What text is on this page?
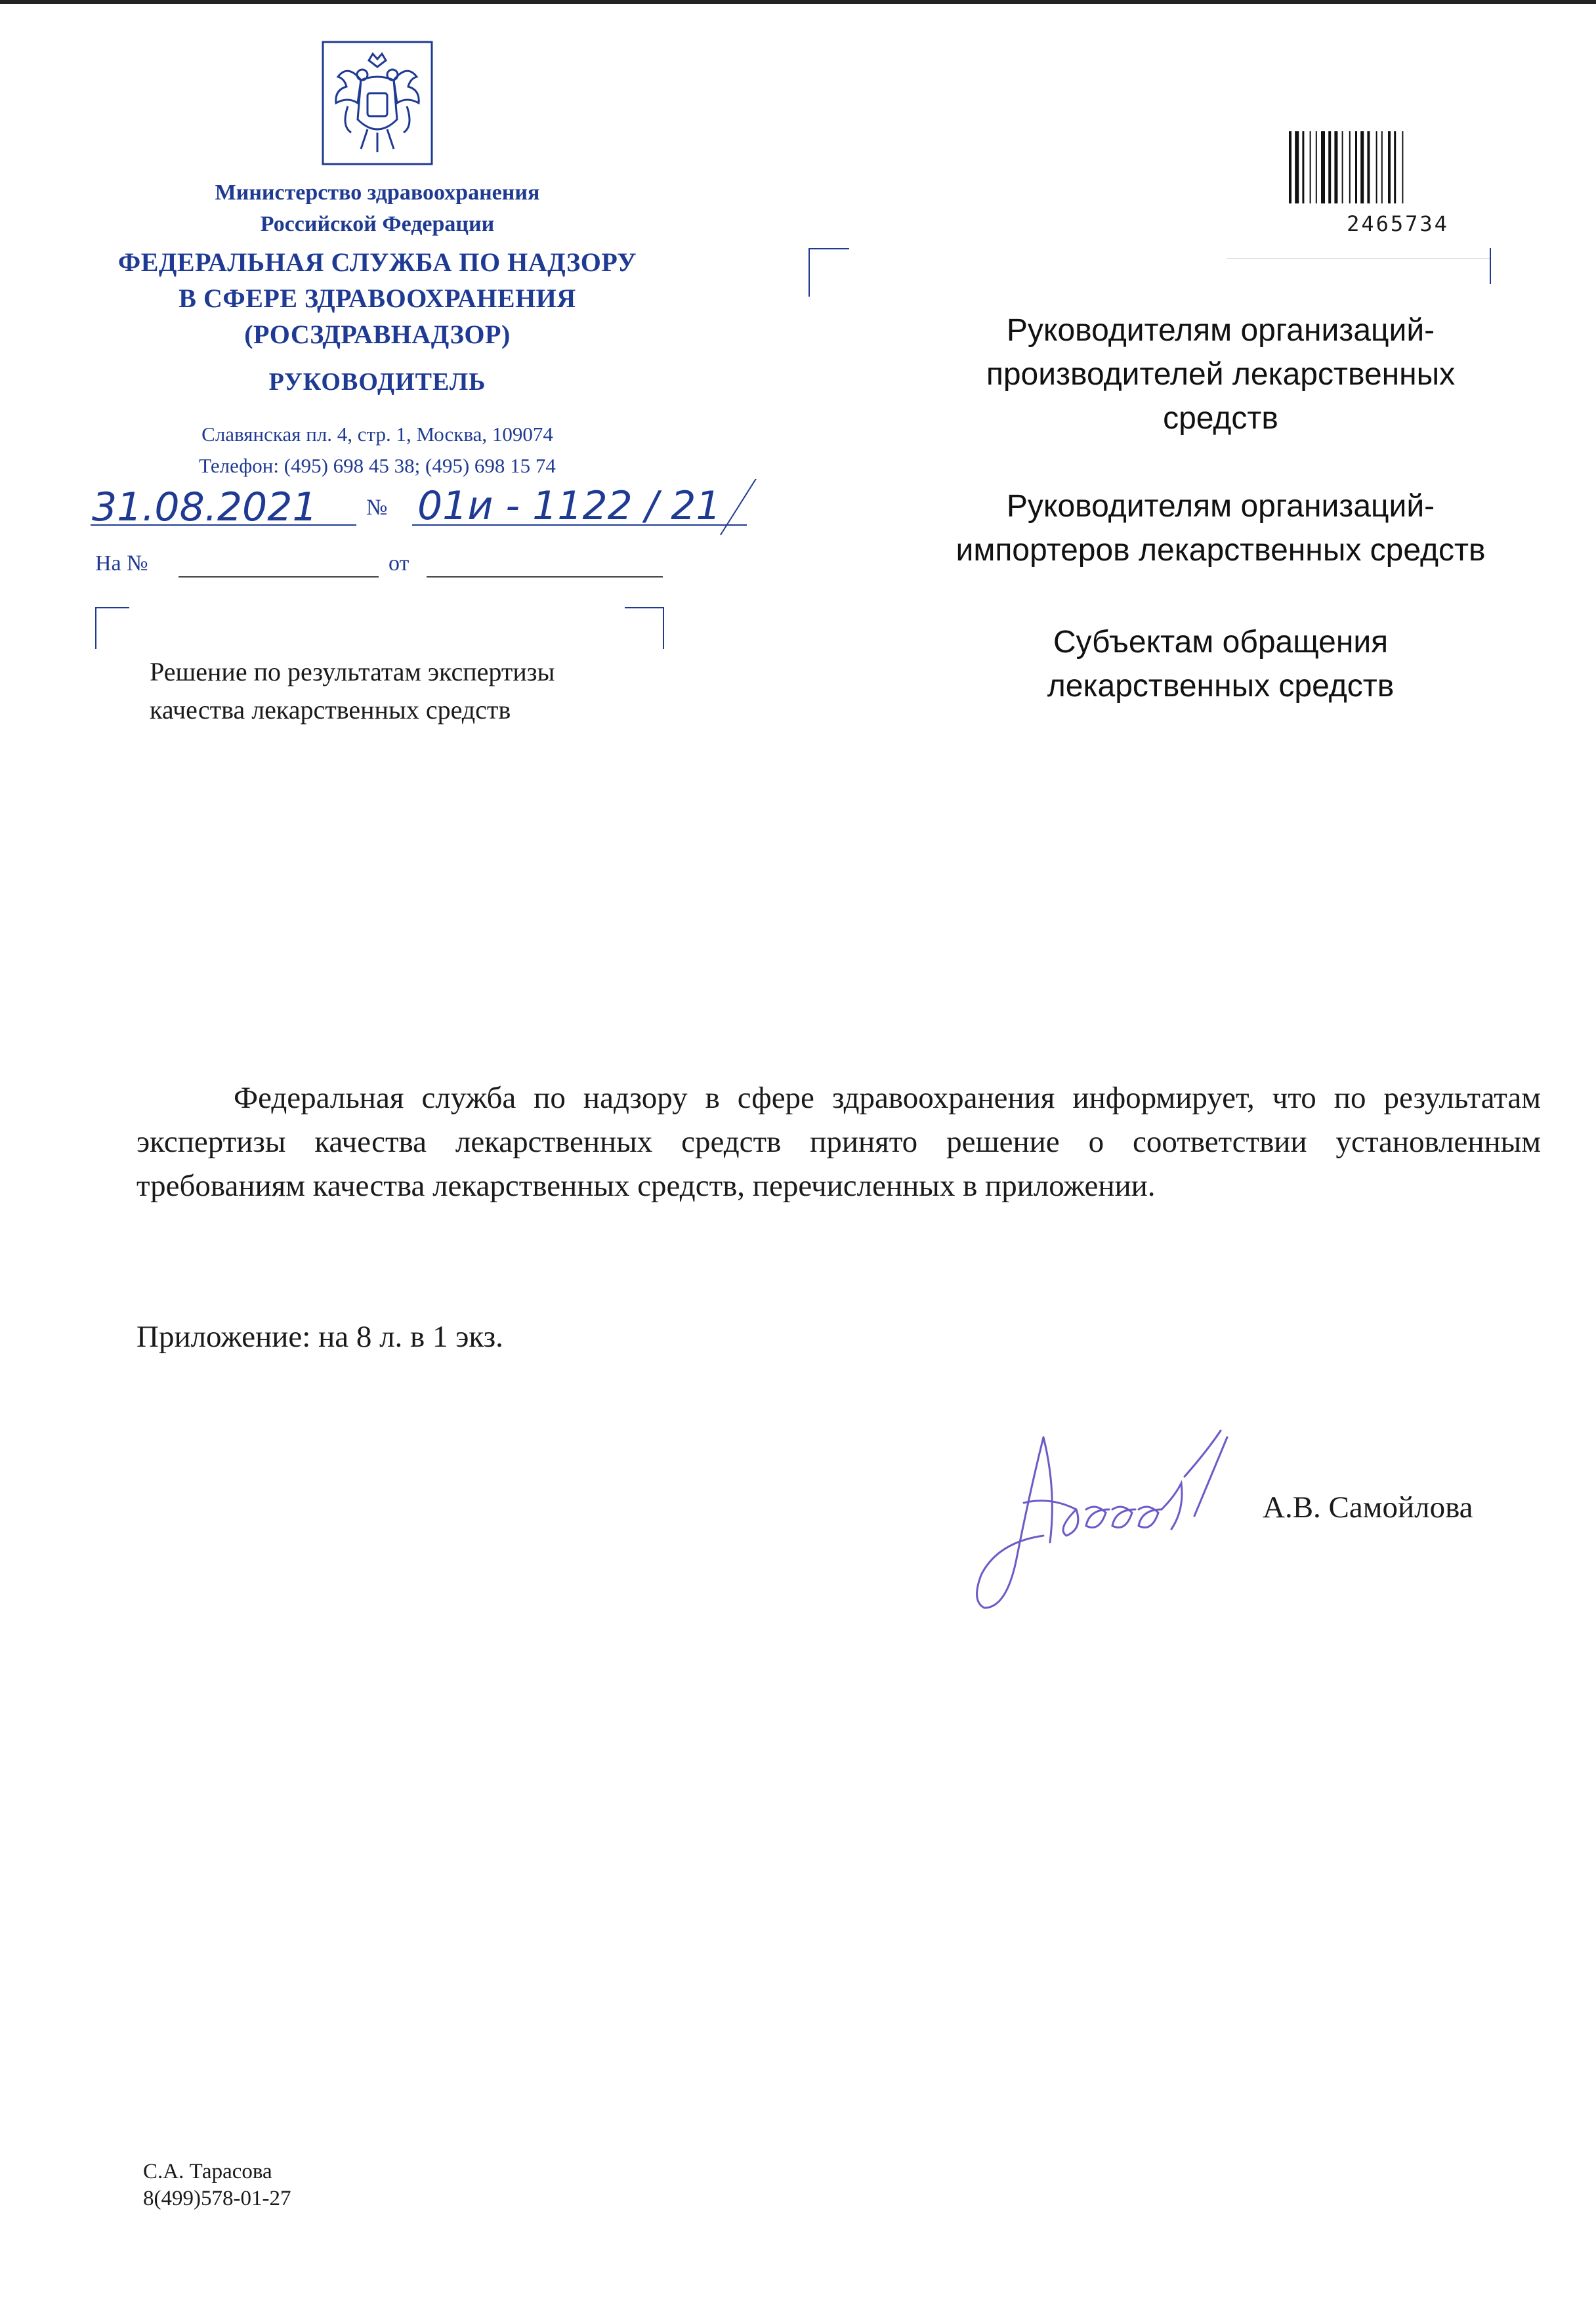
Министерство здравоохранения
Российской Федерации
ФЕДЕРАЛЬНАЯ СЛУЖБА ПО НАДЗОРУ
В СФЕРЕ ЗДРАВООХРАНЕНИЯ
(РОСЗДРАВНАДЗОР)
РУКОВОДИТЕЛЬ
Славянская пл. 4, стр. 1, Москва, 109074
Телефон: (495) 698 45 38; (495) 698 15 74
31.08.2021 № 01и - 1122 / 21
На №	от
Решение по результатам экспертизы
качества лекарственных средств
2465734
Руководителям организаций-
производителей лекарственных
средств
Руководителям организаций-
импортеров лекарственных средств
Субъектам обращения
лекарственных средств
Федеральная служба по надзору в сфере здравоохранения информирует, что по результатам экспертизы качества лекарственных средств принято решение о соответствии установленным требованиям качества лекарственных средств, перечисленных в приложении.
Приложение: на 8 л. в 1 экз.
А.В. Самойлова
С.А. Тарасова
8(499)578-01-27
